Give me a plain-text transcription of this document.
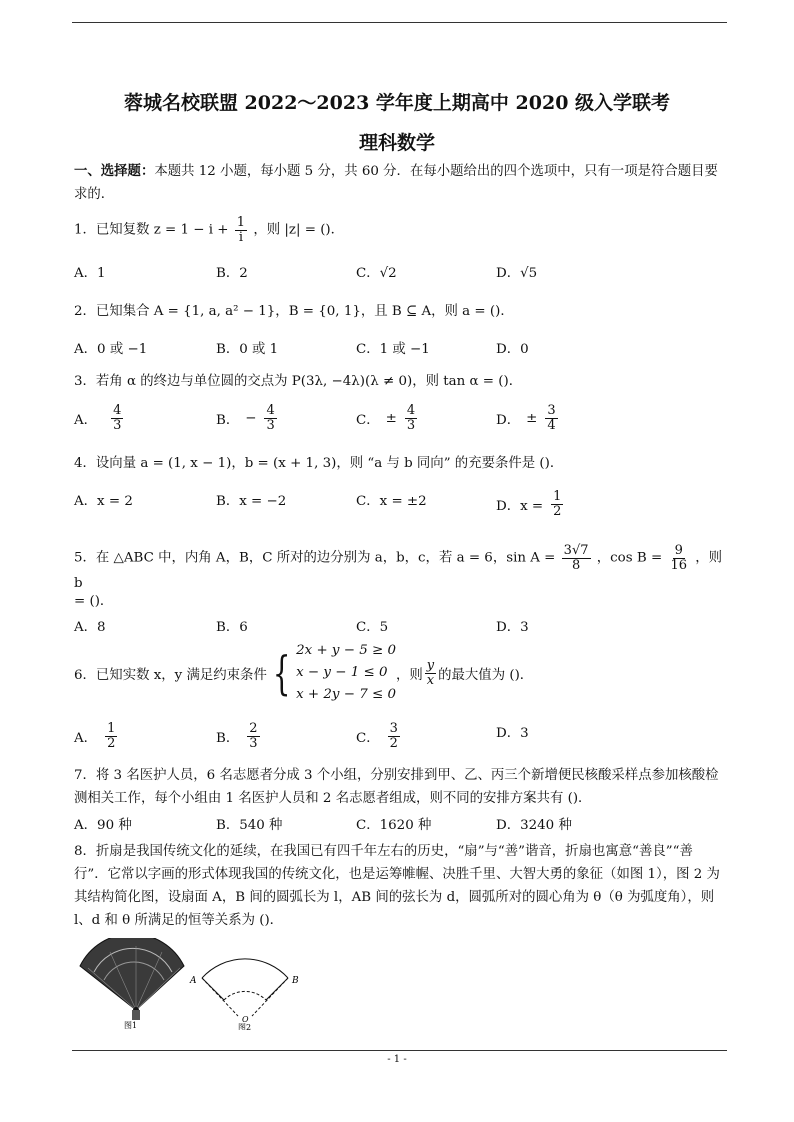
蓉城名校联盟 2022～2023 学年度上期高中 2020 级入学联考
理科数学
一、选择题：本题共 12 小题，每小题 5 分，共 60 分．在每小题给出的四个选项中，只有一项是符合题目要求的．
1．已知复数 $z = 1 - i + \frac{1}{i}$ ，则 |z| = ()．
A．1	B．2	C．√2	D．√5
2．已知集合 A = {1, a, a² − 1}，B = {0, 1}，且 B ⊆ A，则 a = ()．
A．0 或 −1	B．0 或 1	C．1 或 −1	D．0
3．若角 α 的终边与单位圆的交点为 P(3λ, −4λ)(λ ≠ 0)，则 tan α = ()．
A． $\frac{4}{3}$	B． − $\frac{4}{3}$	C． ± $\frac{4}{3}$	D． ± $\frac{3}{4}$
4．设向量 a = (1, x − 1)，b = (x + 1, 3)，则 “a 与 b 同向” 的充要条件是 ()．
A．x = 2	B．x = −2	C．x = ±2	D．$x = \frac{1}{2}$
5．在 △ABC 中，内角 A，B，C 所对的边分别为 a，b，c，若 a = 6，$\sin A = \frac{3√7}{8}$ ，$\cos B = \frac{9}{16}$ ，则 b
= ()．
A．8	B．6	C．5	D．3
6．已知实数 x，y 满足约束条件 { 2x + y − 5 ≥ 0
x − y − 1 ≤ 0
x + 2y − 7 ≤ 0
，则 $\frac{y}{x}$ 的最大值为 ()．
A． $\frac{1}{2}$	B． $\frac{2}{3}$	C． $\frac{3}{2}$	D．3
7．将 3 名医护人员，6 名志愿者分成 3 个小组，分别安排到甲、乙、丙三个新增便民核酸采样点参加核酸检测相关工作，每个小组由 1 名医护人员和 2 名志愿者组成，则不同的安排方案共有 ()．
A．90 种	B．540 种	C．1620 种	D．3240 种
8．折扇是我国传统文化的延续，在我国已有四千年左右的历史，“扇”与“善”谐音，折扇也寓意“善良”“善行”．它常以字画的形式体现我国的传统文化，也是运筹帷幄、决胜千里、大智大勇的象征（如图 1），图 2 为其结构简化图，设扇面 A，B 间的圆弧长为 l，AB 间的弦长为 d，圆弧所对的圆心角为 θ（θ 为弧度角），则 l、d 和 θ 所满足的恒等关系为 ()．
A	B
O
图1	图2
- 1 -
